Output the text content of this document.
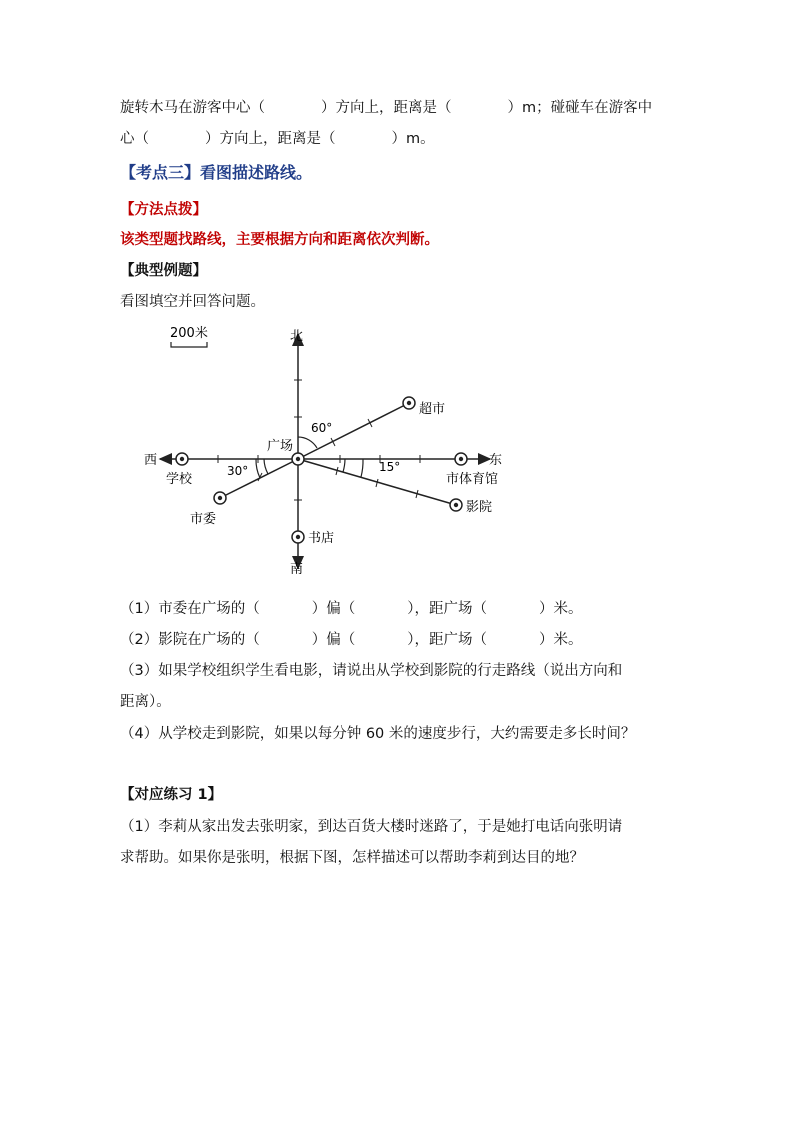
旋转木马在游客中心（	）方向上，距离是（	）m；碰碰车在游客中
心（	）方向上，距离是（	）m。
【考点三】看图描述路线。
【方法点拨】
该类型题找路线，主要根据方向和距离依次判断。
【典型例题】
看图填空并回答问题。
200米	北
南
东
西
广场
超市
学校
市委
市体育馆
影院
书店
60°
30°	15°
（1）市委在广场的（	）偏（	），距广场（	）米。
（2）影院在广场的（	）偏（	），距广场（	）米。
（3）如果学校组织学生看电影，请说出从学校到影院的行走路线（说出方向和
距离）。
（4）从学校走到影院，如果以每分钟 60 米的速度步行，大约需要走多长时间？
【对应练习 1】
（1）李莉从家出发去张明家，到达百货大楼时迷路了，于是她打电话向张明请
求帮助。如果你是张明，根据下图，怎样描述可以帮助李莉到达目的地？
